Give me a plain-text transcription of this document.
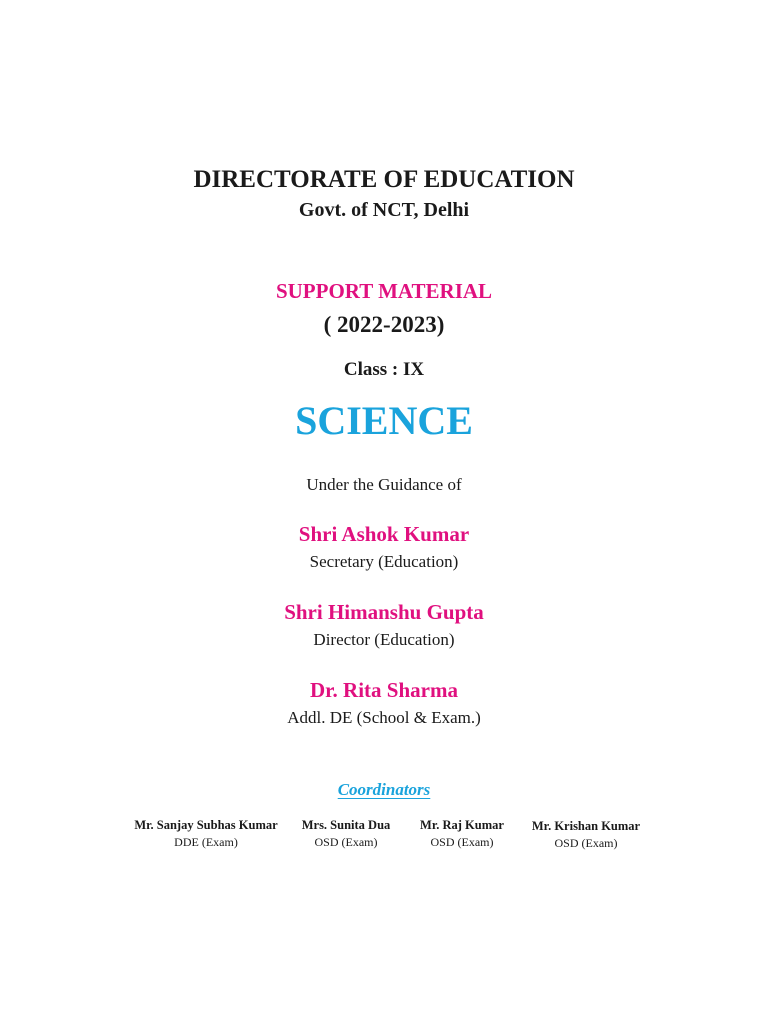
DIRECTORATE OF EDUCATION
Govt. of NCT, Delhi
SUPPORT MATERIAL
( 2022-2023)
Class : IX
SCIENCE
Under the Guidance of
Shri Ashok Kumar
Secretary (Education)
Shri Himanshu Gupta
Director (Education)
Dr. Rita Sharma
Addl. DE (School & Exam.)
Coordinators
Mr. Sanjay Subhas Kumar
DDE (Exam)
Mrs. Sunita Dua
OSD (Exam)
Mr. Raj Kumar
OSD (Exam)
Mr. Krishan Kumar
OSD (Exam)
